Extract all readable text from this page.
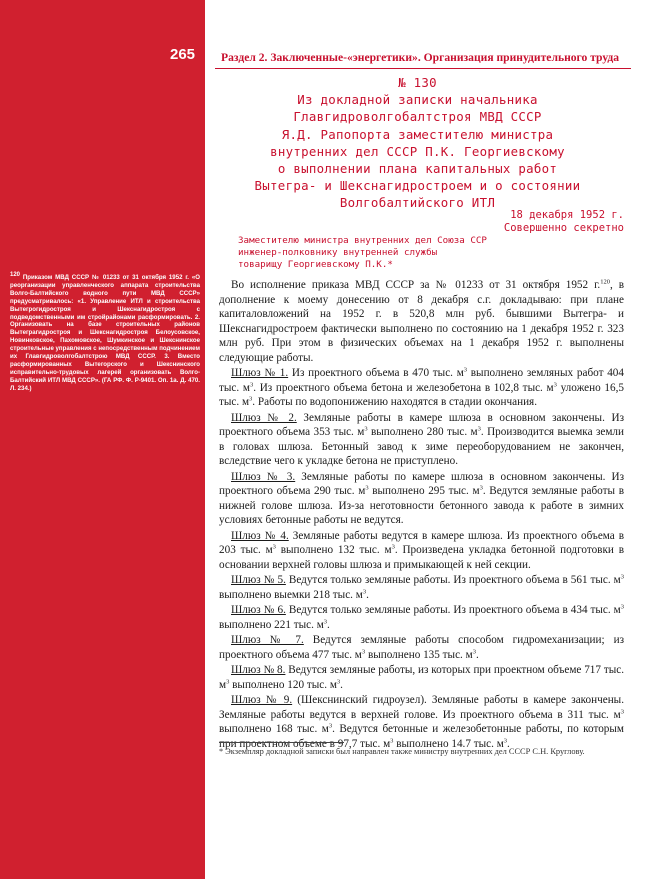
265
$^{120}$ Приказом МВД СССР № 01233 от 31 октября 1952 г. «О реорганизации управленческого аппарата строительства Волго-Балтийского водного пути МВД СССР» предусматривалось: «1. Управление ИТЛ и строительства Вытегрогидростроя и Шекснагидростроя с подведомственными им стройрайонами расформировать. 2. Организовать на базе строительных районов Вытеграгидростроя и Шекснагидростроя Белоусовское, Новинковское, Пахомовское, Шумкинское и Шекснинское строительные управления с непосредственным подчинением их Главгидроволгобалтстрою МВД СССР. 3. Вместо расформированных Вытегорского и Шекснинского исправительно-трудовых лагерей организовать Волго-Балтийский ИТЛ МВД СССР». (ГА РФ. Ф. Р-9401. Оп. 1а. Д. 470. Л. 234.)
Раздел 2. Заключенные-«энергетики». Организация принудительного труда
№ 130
Из докладной записки начальника
Главгидроволгобалтстроя МВД СССР
Я.Д. Рапопорта заместителю министра
внутренних дел СССР П.К. Георгиевскому
о выполнении плана капитальных работ
Вытегра- и Шекснагидростроем и о состоянии
Волгобалтийского ИТЛ
18 декабря 1952 г.
Совершенно секретно
Заместителю министра внутренних дел Союза ССР
инженер-полковнику внутренней службы
товарищу Георгиевскому П.К.*

Во исполнение приказа МВД СССР за № 01233 от 31 октября 1952 г.$^{120}$, в дополнение к моему донесению от 8 декабря с.г. докладываю: при плане капиталовложений на 1952 г. в 520,8 млн руб. бывшими Вытегра- и Шекснагидростроем фактически выполнено по состоянию на 1 декабря 1952 г. 323 млн руб. При этом в физических объемах на 1 декабря 1952 г. выполнены следующие работы.

Шлюз № 1. Из проектного объема в 470 тыс. $м^3$ выполнено земляных работ 404 тыс. $м^3$. Из проектного объема бетона и железобетона в 102,8 тыс. $м^3$ уложено 16,5 тыс. $м^3$. Работы по водопонижению находятся в стадии окончания.

Шлюз № 2. Земляные работы в камере шлюза в основном закончены. Из проектного объема 353 тыс. $м^3$ выполнено 280 тыс. $м^3$. Производится выемка земли в головах шлюза. Бетонный завод к зиме переоборудованием не закончен, вследствие чего к укладке бетона не приступлено.

Шлюз № 3. Земляные работы по камере шлюза в основном закончены. Из проектного объема 290 тыс. $м^3$ выполнено 295 тыс. $м^3$. Ведутся земляные работы в нижней голове шлюза. Из-за неготовности бетонного завода к работе в зимних условиях бетонные работы не ведутся.

Шлюз № 4. Земляные работы ведутся в камере шлюза. Из проектного объема в 203 тыс. $м^3$ выполнено 132 тыс. $м^3$. Произведена укладка бетонной подготовки в основании верхней головы шлюза и примыкающей к ней секции.

Шлюз № 5. Ведутся только земляные работы. Из проектного объема в 561 тыс. $м^3$ выполнено выемки 218 тыс. $м^3$.

Шлюз № 6. Ведутся только земляные работы. Из проектного объема в 434 тыс. $м^3$ выполнено 221 тыс. $м^3$.

Шлюз № 7. Ведутся земляные работы способом гидромеханизации; из проектного объема 477 тыс. $м^3$ выполнено 135 тыс. $м^3$.

Шлюз № 8. Ведутся земляные работы, из которых при проектном объеме 717 тыс. $м^3$ выполнено 120 тыс. $м^3$.

Шлюз № 9. (Шекснинский гидроузел). Земляные работы в камере закончены. Земляные работы ведутся в верхней голове. Из проектного объема в 311 тыс. $м^3$ выполнено 168 тыс. $м^3$. Ведутся бетонные и железобетонные работы, по которым при проектном объеме в 97,7 тыс. $м^3$ выполнено 14.7 тыс. $м^3$.

* Экземпляр докладной записки был направлен также министру внутренних дел СССР С.Н. Круглову.
